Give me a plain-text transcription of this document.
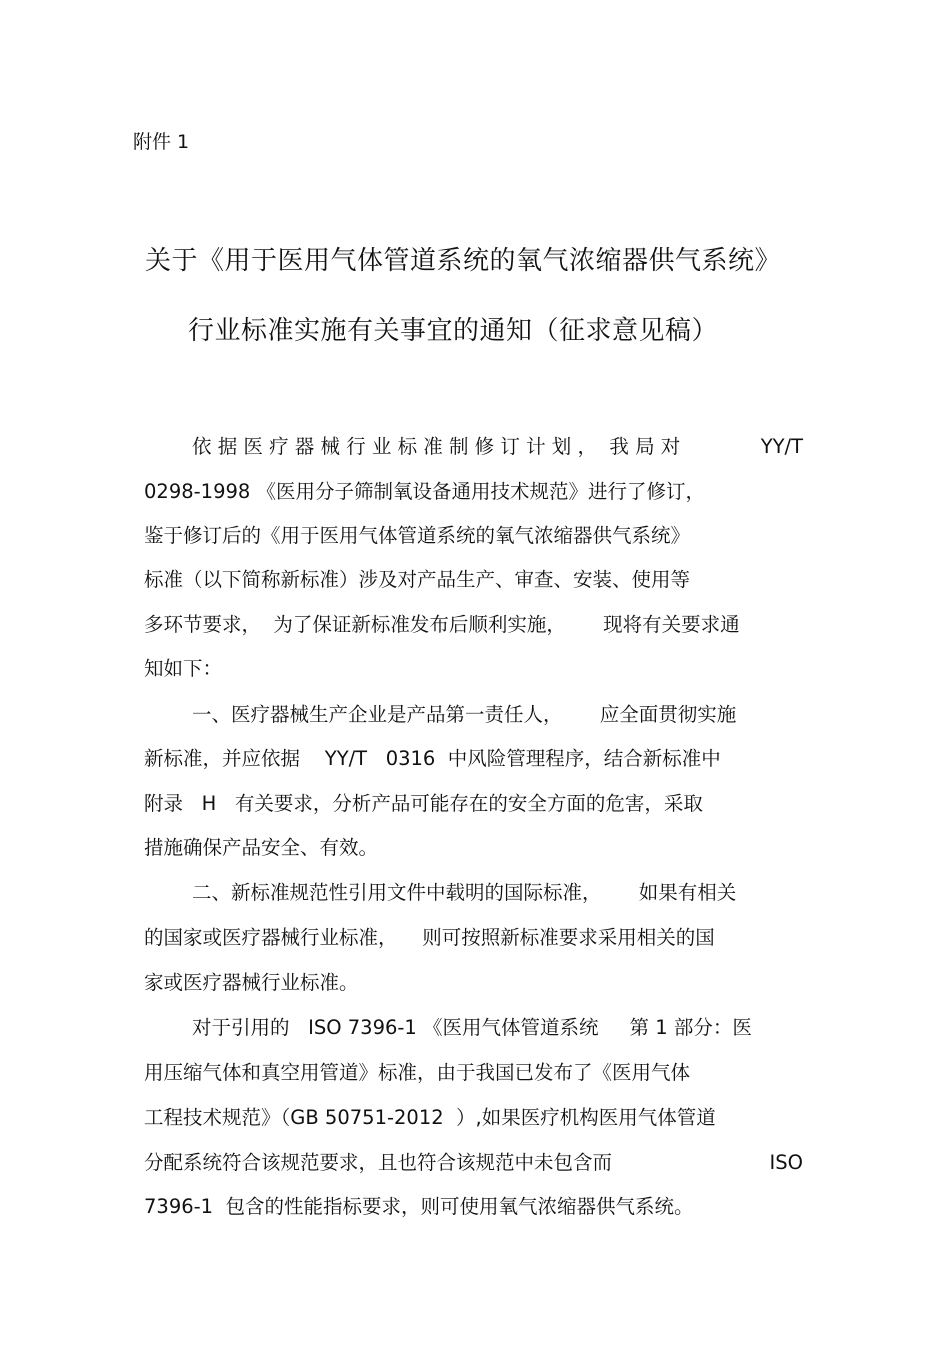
附件 1
关于《用于医用气体管道系统的氧气浓缩器供气系统》
行业标准实施有关事宜的通知（征求意见稿）
依 据 医 疗 器 械 行 业 标 准 制 修 订 计 划 ，  我 局 对	YY/T
0298-1998 《医用分子筛制氧设备通用技术规范》进行了修订，
鉴于修订后的《用于医用气体管道系统的氧气浓缩器供气系统》
标准（以下简称新标准）涉及对产品生产、审查、安装、使用等
多环节要求，  为了保证新标准发布后顺利实施，      现将有关要求通
知如下：
一、医疗器械生产企业是产品第一责任人，      应全面贯彻实施
新标准，并应依据    YY/T   0316  中风险管理程序，结合新标准中
附录   H   有关要求，分析产品可能存在的安全方面的危害，采取
措施确保产品安全、有效。
二、新标准规范性引用文件中载明的国际标准，      如果有相关
的国家或医疗器械行业标准，    则可按照新标准要求采用相关的国
家或医疗器械行业标准。
对于引用的   ISO 7396-1 《医用气体管道系统     第 1 部分：医
用压缩气体和真空用管道》标准，由于我国已发布了《医用气体
工程技术规范》（GB 50751-2012  ）,如果医疗机构医用气体管道
分配系统符合该规范要求，且也符合该规范中未包含而	ISO
7396-1  包含的性能指标要求，则可使用氧气浓缩器供气系统。
